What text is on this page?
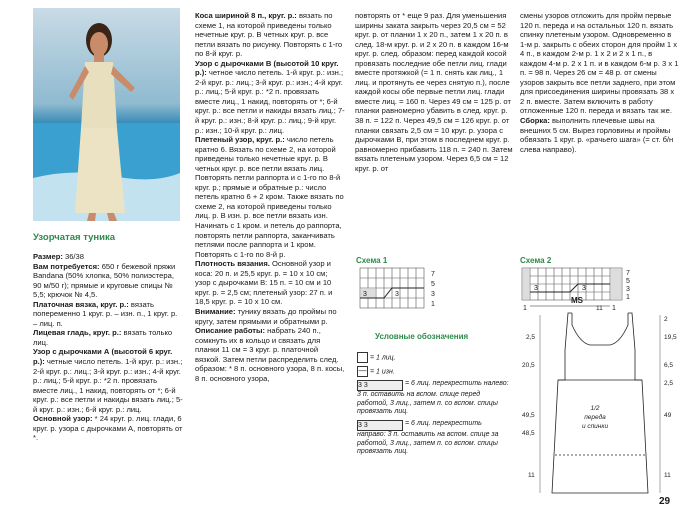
Узорчатая туника

Размер: 36/38

Вам потребуется: 650 г бежевой пряжи Bandana (50% хлопка, 50% полиэстера, 90 м/50 г); прямые и круговые спицы № 5,5; крючок № 4,5.

Платочная вязка, круг. р.: вязать попеременно 1 круг. р. – изн. п., 1 круг. р. – лиц. п.

Лицевая гладь, круг. р.: вязать только лиц.

Узор с дырочками А (высотой 6 круг. р.): четные число петель. 1-й круг. р.: изн.; 2-й круг. р.: лиц.; 3-й круг. р.: изн.; 4-й круг. р.: лиц.; 5-й круг. р.: *2 п. провязать вместе лиц., 1 накид, повторять от *; 6-й круг. р.: все петли и накиды вязать лиц.; 5-й круг. р.: изн.; 6-й круг. р.: лиц.

Основной узор: * 24 круг. р. лиц. глади, 6 круг. р. узора с дырочками А, повторять от *.

Коса шириной 8 п., круг. р.: вязать по схеме 1, на которой приведены только нечетные круг. р. В четных круг. р. все петли вязать по рисунку. Повторять с 1-го по 8-й круг. р.

Узор с дырочками В (высотой 10 круг. р.): четное число петель. 1-й круг. р.: изн.; 2-й круг. р.: лиц.; 3-й круг. р.: изн.; 4-й круг. р.: лиц.; 5-й круг. р.: *2 п. провязать вместе лиц., 1 накид, повторять от *; 6-й круг. р.: все петли и накиды вязать лиц.; 7-й круг. р.: изн.; 8-й круг. р.: лиц.; 9-й круг. р.: изн.; 10-й круг. р.: лиц.

Плетеный узор, круг. р.: число петель кратно 6. Вязать по схеме 2, на которой приведены только нечетные круг. р. В четных круг. р. все петли вязать лиц. Повторять петли раппорта и с 1-го по 8-й круг. р.; прямые и обратные р.: число петель кратно 6 + 2 кром. Также вязать по схеме 2, на которой приведены только лиц. р. В изн. р. все петли вязать изн. Начинать с 1 кром. и петель до раппорта, повторять петли раппорта, заканчивать петлями после раппорта и 1 кром. Повторять с 1-го по 8-й р.

Плотность вязания. Основной узор и коса: 20 п. и 25,5 круг. р. = 10 х 10 см; узор с дырочками В: 15 п. = 10 см и 10 круг. р. = 2,5 см; плетеный узор: 27 п. и 18,5 круг. р. = 10 х 10 см.

Внимание: тунику вязать до проймы по кругу, затем прямыми и обратными р.

Описание работы: набрать 240 п., сомкнуть их в кольцо и связать для планки 11 см = 3 круг. р. платочной вязкой. Затем петли распределить след. образом: * 8 п. основного узора, 8 п. косы, 8 п. основного узора,

повторять от * еще 9 раз. Для уменьшения ширины заката закрыть через 20,5 см = 52 круг. р. от планки 1 х 20 п., затем 1 х 20 п. в след. 18-м круг. р. и 2 х 20 п. в каждом 16-м круг. р. след. образом: перед каждой косой провязать последние обе петли лиц. глади вместе протяжкой (= 1 п. снять как лиц., 1 лиц. и протянуть ее через снятую п.), после каждой косы обе первые петли лиц. глади вместе лиц. = 160 п. Через 49 см = 125 р. от планки равномерно убавить в след. круг. р. 38 п. = 122 п. Через 49,5 см = 126 круг. р. от планки связать 2,5 см = 10 круг. р. узора с дырочками В, при этом в последнем круг. р. равномерно прибавить 118 п. = 240 п. Затем вязать плетеным узором. Через 6,5 см = 12 круг. р. от

смены узоров отложить для пройм первые 120 п. переда и на остальных 120 п. вязать спинку плетеным узором. Одновременно в 1-м р. закрыть с обеих сторон для пройм 1 х 4 п., в каждом 2-м р. 1 х 2 и 2 х 1 п., в каждом 4-м р. 2 х 1 п. и в каждом 6-м р. 3 х 1 п. = 98 п. Через 26 см = 48 р. от смены узоров закрыть все петли заднего, при этом для присоединения ширины провязать 38 х 2 п. вместе. Затем включить в работу отложенные 120 п. переда и вязать так же.

Сборка: выполнить плечевые швы на внешних 5 см. Вырез горловины и проймы обвязать 1 круг. р. «рачьего шага» (= ст. б/н слева направо).

Схема 1
3	3
7
5
3
1
Схема 2
3	3
7
5
3
1
1	1
MS
Условные обозначения
= 1 лиц.
— = 1 изн.
3 3	= 6 лиц. перекрестить налево: 3 п. оставить на вспом. спице перед работой, 3 лиц., затем п. со вспом. спицы провязать лиц.
3 3	= 6 лиц. перекрестить направо: 3 п. оставить на вспом. спице за работой, 3 лиц., затем п. со вспом. спицы провязать лиц.
2,5
20,5
49,5
48,5
11
2
19,5
6,5
2,5
49
11
11
1/2
переда
и спинки
29
